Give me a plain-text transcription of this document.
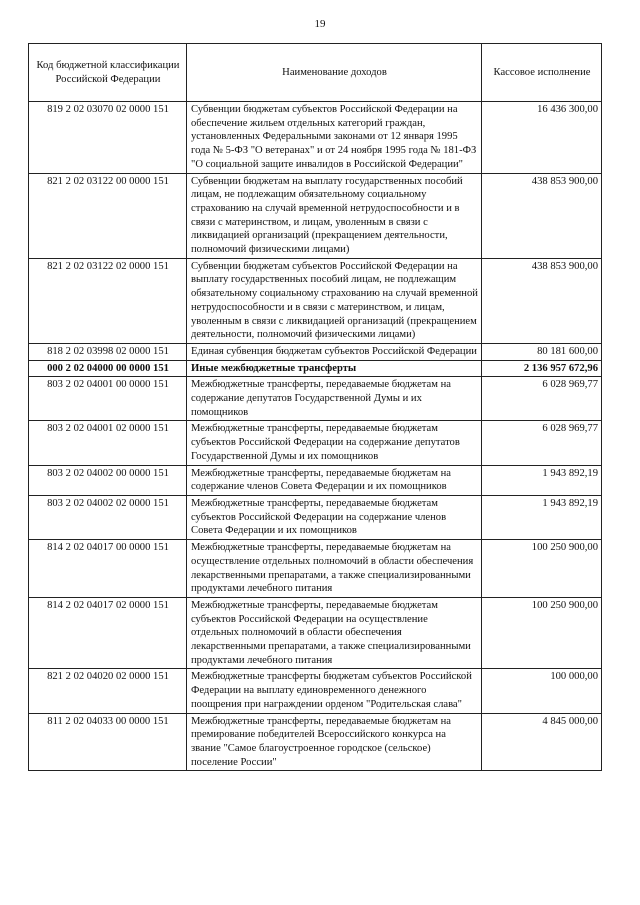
19
Код бюджетной классификации Российской Федерации	Наименование доходов	Кассовое исполнение
819 2 02 03070 02 0000 151	Субвенции бюджетам субъектов Российской Федерации на обеспечение жильем отдельных категорий граждан, установленных Федеральными законами от 12 января 1995 года № 5-ФЗ "О ветеранах" и от 24 ноября 1995 года № 181-ФЗ "О социальной защите инвалидов в Российской Федерации"	16 436 300,00
821 2 02 03122 00 0000 151	Субвенции бюджетам на выплату государственных пособий лицам, не подлежащим обязательному социальному страхованию на случай временной нетрудоспособности и в связи с материнством, и лицам, уволенным в связи с ликвидацией организаций (прекращением деятельности, полномочий физическими лицами)	438 853 900,00
821 2 02 03122 02 0000 151	Субвенции бюджетам субъектов Российской Федерации на выплату государственных пособий лицам, не подлежащим обязательному социальному страхованию на случай временной нетрудоспособности и в связи с материнством, и лицам, уволенным в связи с ликвидацией организаций (прекращением деятельности, полномочий физическими лицами)	438 853 900,00
818 2 02 03998 02 0000 151	Единая субвенция бюджетам субъектов Российской Федерации	80 181 600,00
000 2 02 04000 00 0000 151	Иные межбюджетные трансферты	2 136 957 672,96
803 2 02 04001 00 0000 151	Межбюджетные трансферты, передаваемые бюджетам на содержание депутатов Государственной Думы и их помощников	6 028 969,77
803 2 02 04001 02 0000 151	Межбюджетные трансферты, передаваемые бюджетам субъектов Российской Федерации на содержание депутатов Государственной Думы и их помощников	6 028 969,77
803 2 02 04002 00 0000 151	Межбюджетные трансферты, передаваемые бюджетам на содержание членов Совета Федерации и их помощников	1 943 892,19
803 2 02 04002 02 0000 151	Межбюджетные трансферты, передаваемые бюджетам субъектов Российской Федерации на содержание членов Совета Федерации и их помощников	1 943 892,19
814 2 02 04017 00 0000 151	Межбюджетные трансферты, передаваемые бюджетам на осуществление отдельных полномочий в области обеспечения лекарственными препаратами, а также специализированными продуктами лечебного питания	100 250 900,00
814 2 02 04017 02 0000 151	Межбюджетные трансферты, передаваемые бюджетам субъектов Российской Федерации на осуществление отдельных полномочий в области обеспечения лекарственными препаратами, а также специализированными продуктами лечебного питания	100 250 900,00
821 2 02 04020 02 0000 151	Межбюджетные трансферты бюджетам субъектов Российской Федерации на выплату единовременного денежного поощрения при награждении орденом "Родительская слава"	100 000,00
811 2 02 04033 00 0000 151	Межбюджетные трансферты, передаваемые бюджетам на премирование победителей Всероссийского конкурса на звание "Самое благоустроенное городское (сельское) поселение России"	4 845 000,00
